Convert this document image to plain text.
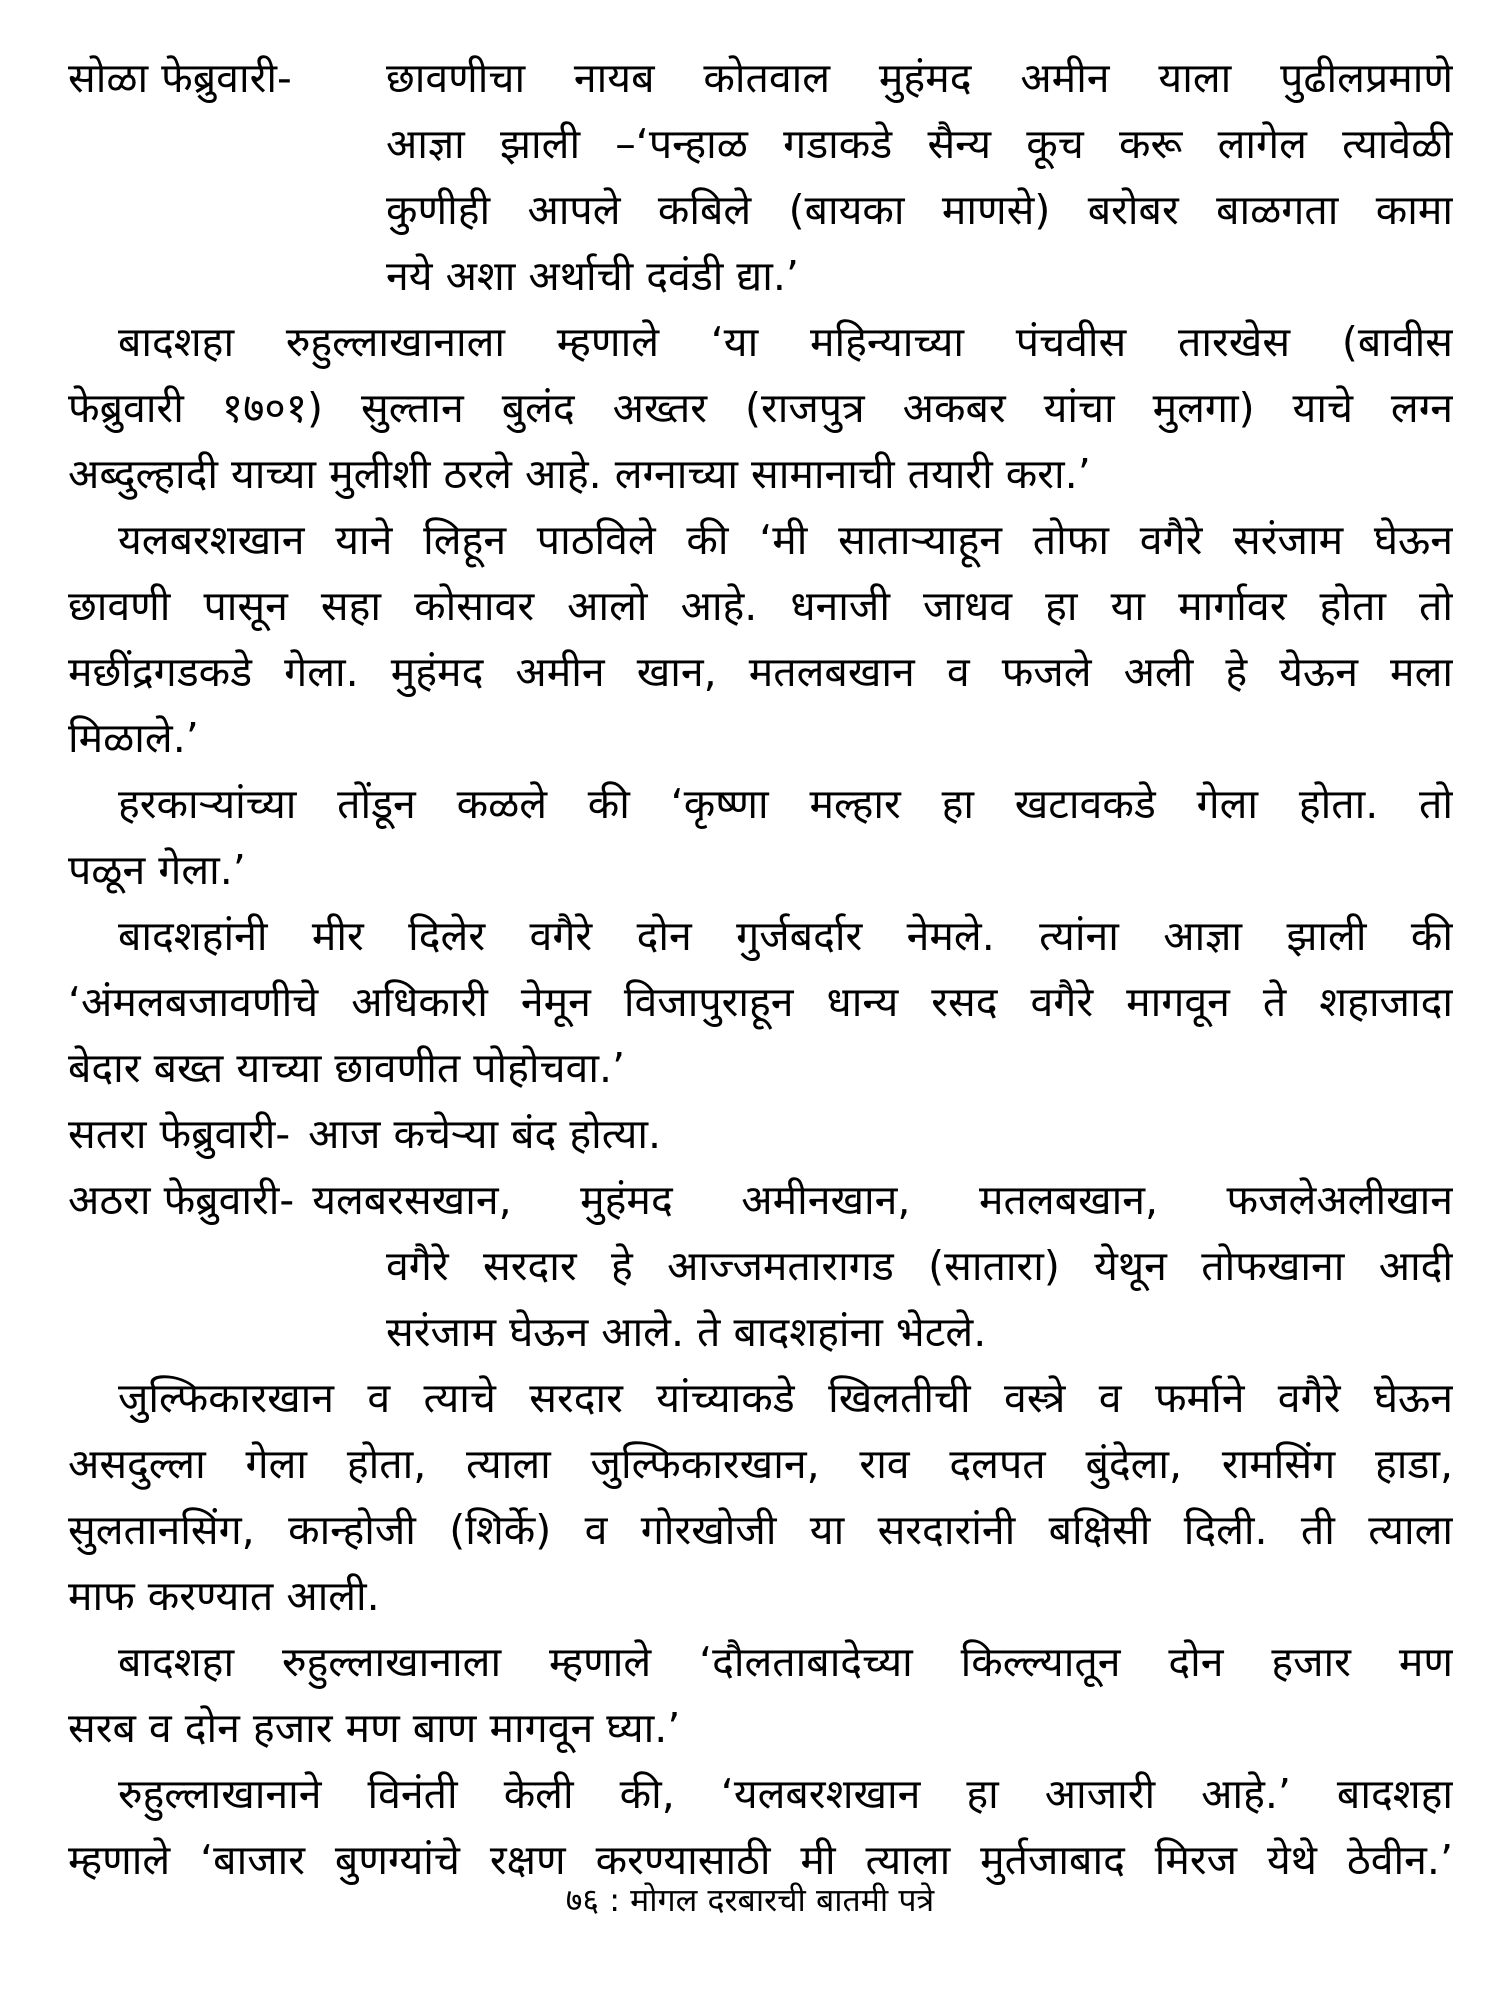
सोळा फेब्रुवारी-	छावणीचा नायब कोतवाल मुहंमद अमीन याला पुढीलप्रमाणे
आज्ञा झाली –‘पन्हाळ गडाकडे सैन्य कूच करू लागेल त्यावेळी
कुणीही आपले कबिले (बायका माणसे) बरोबर बाळगता कामा
नये अशा अर्थाची दवंडी द्या.’
बादशहा रुहुल्लाखानाला म्हणाले ‘या महिन्याच्या पंचवीस तारखेस (बावीस
फेब्रुवारी १७०१) सुल्तान बुलंद अख्तर (राजपुत्र अकबर यांचा मुलगा) याचे लग्न
अब्दुल्हादी याच्या मुलीशी ठरले आहे. लग्नाच्या सामानाची तयारी करा.’
यलबरशखान याने लिहून पाठविले की ‘मी साताऱ्याहून तोफा वगैरे सरंजाम घेऊन
छावणी पासून सहा कोसावर आलो आहे. धनाजी जाधव हा या मार्गावर होता तो
मछींद्रगडकडे गेला. मुहंमद अमीन खान, मतलबखान व फजले अली हे येऊन मला
मिळाले.’
हरकाऱ्यांच्या तोंडून कळले की ‘कृष्णा मल्हार हा खटावकडे गेला होता. तो
पळून गेला.’
बादशहांनी मीर दिलेर वगैरे दोन गुर्जबर्दार नेमले. त्यांना आज्ञा झाली की
‘अंमलबजावणीचे अधिकारी नेमून विजापुराहून धान्य रसद वगैरे मागवून ते शहाजादा
बेदार बख्त याच्या छावणीत पोहोचवा.’
सतरा फेब्रुवारी- आज कचेऱ्या बंद होत्या.
अठरा फेब्रुवारी- यलबरसखान, मुहंमद अमीनखान, मतलबखान, फजलेअलीखान
वगैरे सरदार हे आज्जमतारागड (सातारा) येथून तोफखाना आदी
सरंजाम घेऊन आले. ते बादशहांना भेटले.
जुल्फिकारखान व त्याचे सरदार यांच्याकडे खिलतीची वस्त्रे व फर्माने वगैरे घेऊन
असदुल्ला गेला होता, त्याला जुल्फिकारखान, राव दलपत बुंदेला, रामसिंग हाडा,
सुलतानसिंग, कान्होजी (शिर्के) व गोरखोजी या सरदारांनी बक्षिसी दिली. ती त्याला
माफ करण्यात आली.
बादशहा रुहुल्लाखानाला म्हणाले ‘दौलताबादेच्या किल्ल्यातून दोन हजार मण
सरब व दोन हजार मण बाण मागवून घ्या.’
रुहुल्लाखानाने विनंती केली की, ‘यलबरशखान हा आजारी आहे.’ बादशहा
म्हणाले ‘बाजार बुणग्यांचे रक्षण करण्यासाठी मी त्याला मुर्तजाबाद मिरज येथे ठेवीन.’
७६ : मोगल दरबारची बातमी पत्रे
